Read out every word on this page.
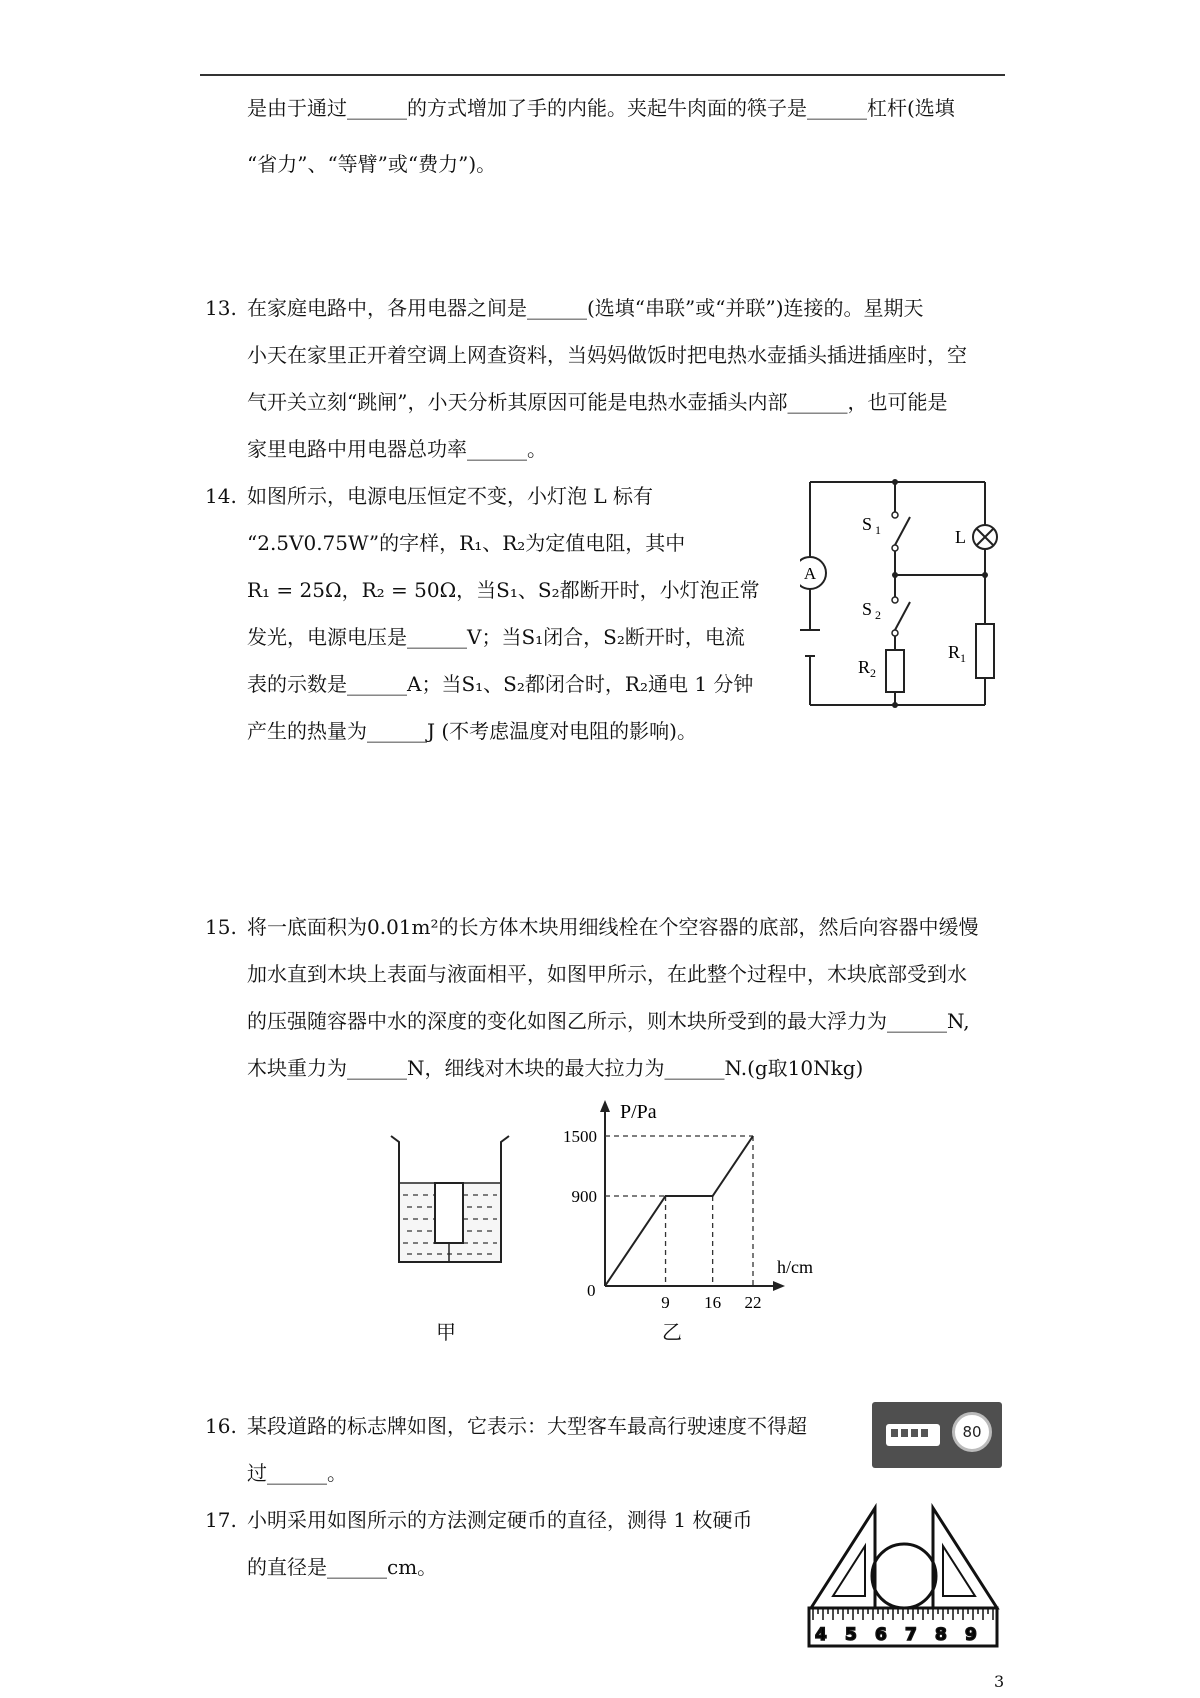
是由于通过______的方式增加了手的内能。夹起牛肉面的筷子是______杠杆(选填
“省力”、“等臂”或“费力”)。
13. 在家庭电路中，各用电器之间是______(选填“串联”或“并联”)连接的。星期天
小天在家里正开着空调上网查资料，当妈妈做饭时把电热水壶插头插进插座时，空
气开关立刻“跳闸”，小天分析其原因可能是电热水壶插头内部______，也可能是
家里电路中用电器总功率______。
14. 如图所示，电源电压恒定不变，小灯泡 L 标有
“2.5V0.75W”的字样，R₁、R₂为定值电阻，其中
R₁ = 25Ω，R₂ = 50Ω，当S₁、S₂都断开时，小灯泡正常
发光，电源电压是______V；当S₁闭合，S₂断开时，电流
表的示数是______A；当S₁、S₂都闭合时，R₂通电 1 分钟
产生的热量为______J (不考虑温度对电阻的影响)。
A
L
S 1
S 2
R 1
R 2
15. 将一底面积为0.01m²的长方体木块用细线栓在个空容器的底部，然后向容器中缓慢
加水直到木块上表面与液面相平，如图甲所示，在此整个过程中，木块底部受到水
的压强随容器中水的深度的变化如图乙所示，则木块所受到的最大浮力为______N,
木块重力为______N，细线对木块的最大拉力为______N.(g取10Nkg)
甲
P/Pa
h/cm
0
9 16 22
900
1500
乙
16. 某段道路的标志牌如图，它表示：大型客车最高行驶速度不得超
过______。
80
17. 小明采用如图所示的方法测定硬币的直径，测得 1 枚硬币
的直径是______cm。
4 5 6 7 8 9
3
